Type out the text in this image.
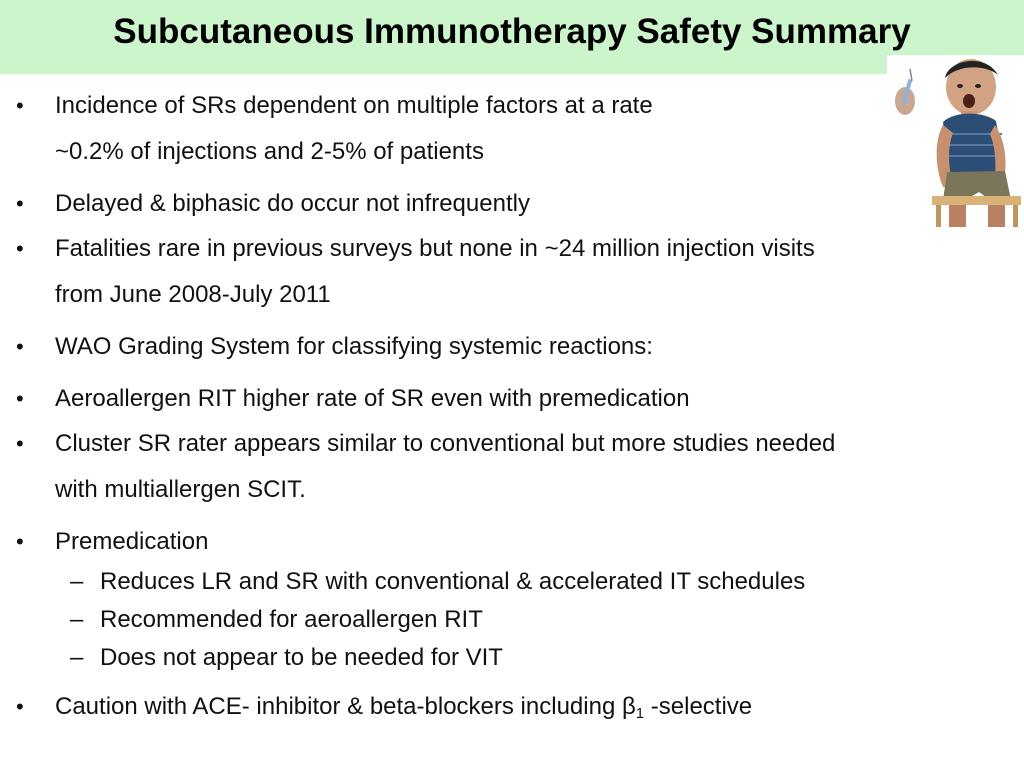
Subcutaneous Immunotherapy Safety Summary
• Incidence of SRs dependent on multiple factors at a rate
~0.2% of injections and 2-5% of patients
• Delayed & biphasic do occur not infrequently
• Fatalities rare in previous surveys but none in ~24 million injection visits
from June 2008-July 2011
• WAO Grading System for classifying systemic reactions:
• Aeroallergen RIT higher rate of SR even with premedication
• Cluster SR rater appears similar to conventional but more studies needed
with multiallergen SCIT.
• Premedication
– Reduces LR and SR with conventional & accelerated IT schedules
– Recommended for aeroallergen RIT
– Does not appear to be needed for VIT
• Caution with ACE- inhibitor & beta-blockers including $\beta_1$ -selective
